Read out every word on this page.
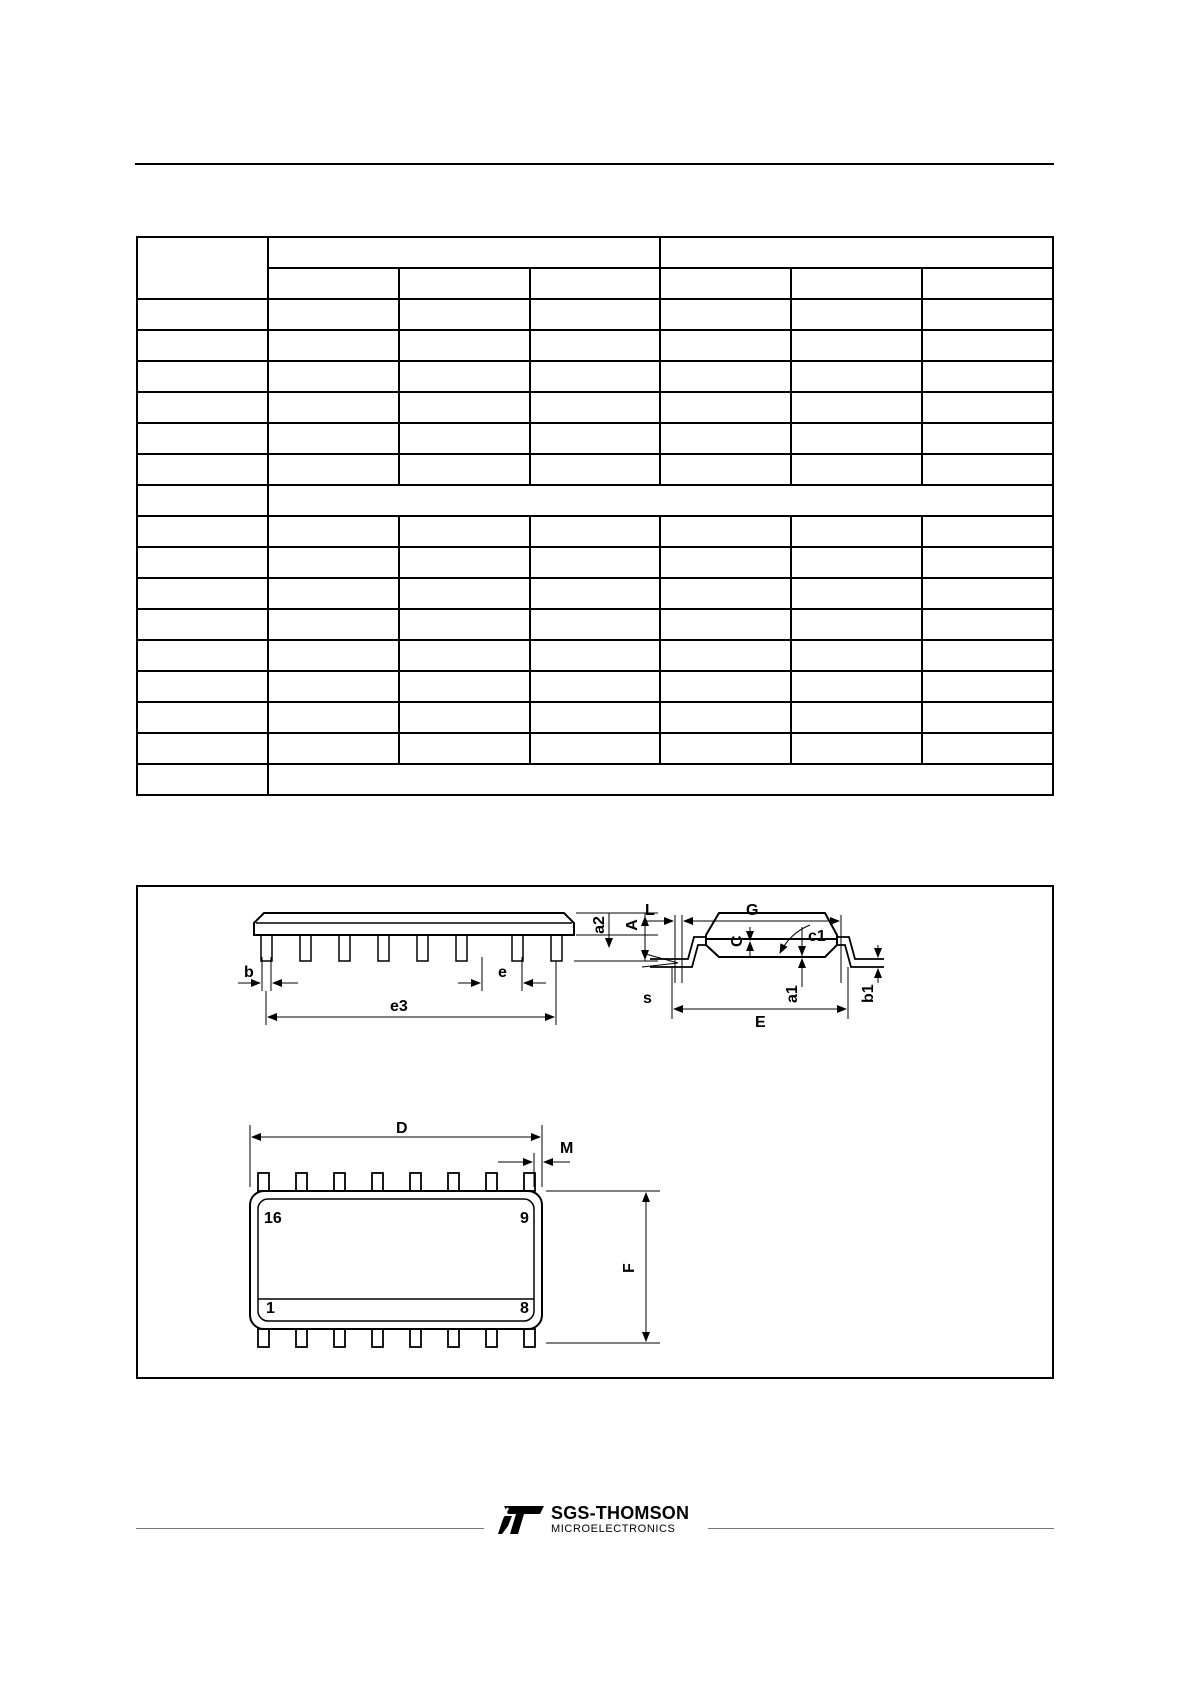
a2 A
b	e
e3
L	G
c1
C
s	a1	b1
E
D
M
F
16	9
1	8
SGS-THOMSON
MICROELECTRONICS
